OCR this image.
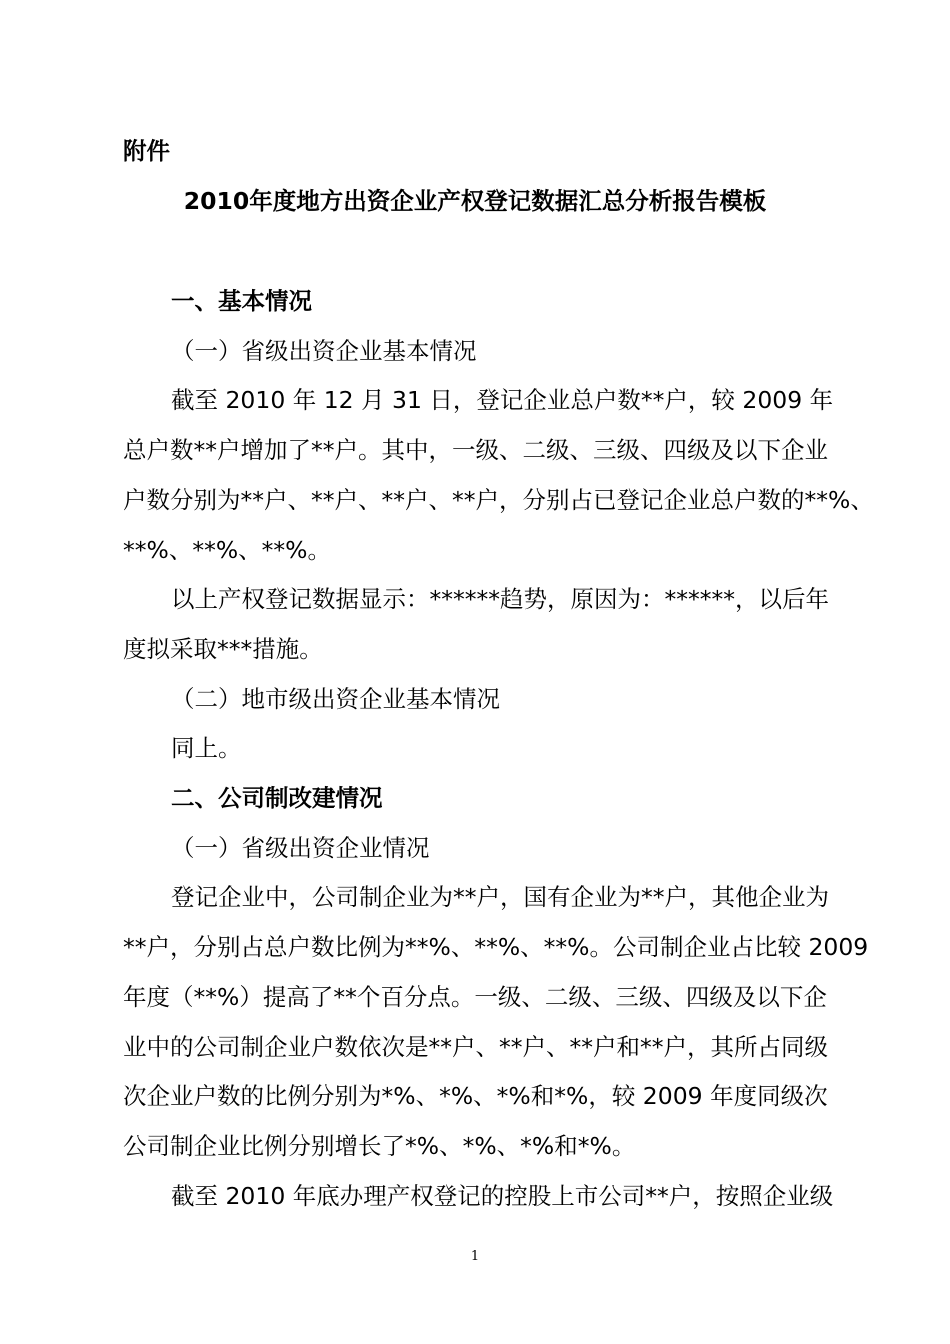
附件
2010年度地方出资企业产权登记数据汇总分析报告模板
一、基本情况
（一）省级出资企业基本情况
截至 2010 年 12 月 31 日，登记企业总户数**户，较 2009 年
总户数**户增加了**户。其中，一级、二级、三级、四级及以下企业
户数分别为**户、**户、**户、**户，分别占已登记企业总户数的**%、
**%、**%、**%。
以上产权登记数据显示：******趋势，原因为：******，以后年
度拟采取***措施。
（二）地市级出资企业基本情况
同上。
二、公司制改建情况
（一）省级出资企业情况
登记企业中，公司制企业为**户，国有企业为**户，其他企业为
**户，分别占总户数比例为**%、**%、**%。公司制企业占比较 2009
年度（**%）提高了**个百分点。一级、二级、三级、四级及以下企
业中的公司制企业户数依次是**户、**户、**户和**户，其所占同级
次企业户数的比例分别为*%、*%、*%和*%，较 2009 年度同级次
公司制企业比例分别增长了*%、*%、*%和*%。
截至 2010 年底办理产权登记的控股上市公司**户，按照企业级
1
